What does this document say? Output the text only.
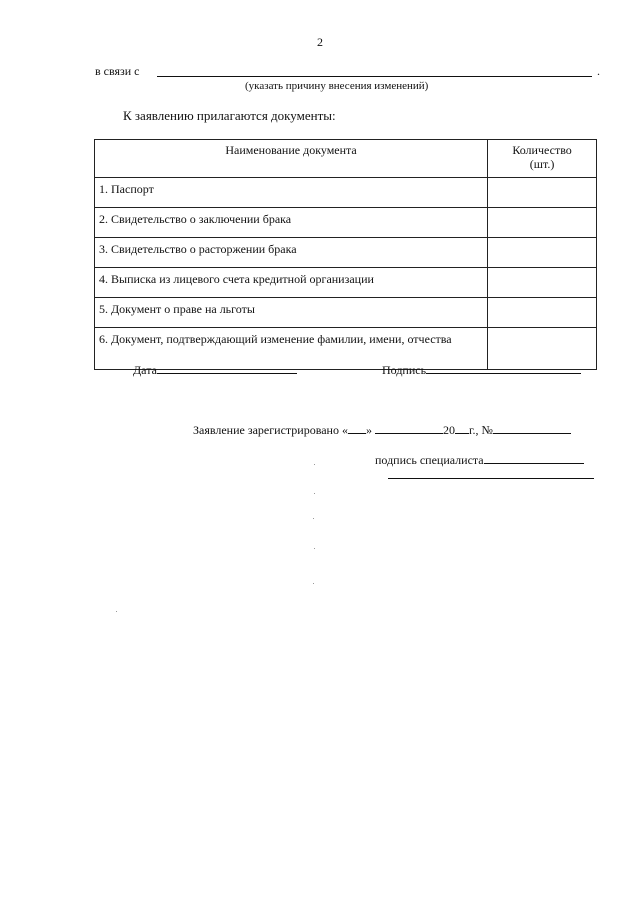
2
в связи с	.
(указать причину внесения изменений)
К заявлению прилагаются документы:
Наименование документа	Количество
(шт.)
1. Паспорт	
2. Свидетельство о заключении брака	
3. Свидетельство о расторжении брака	
4. Выписка из лицевого счета кредитной организации	
5. Документ о праве на льготы	
6. Документ, подтверждающий изменение фамилии, имени, отчества	
Дата	Подпись
Заявление зарегистрировано « »	20 г., №
подпись специалиста
